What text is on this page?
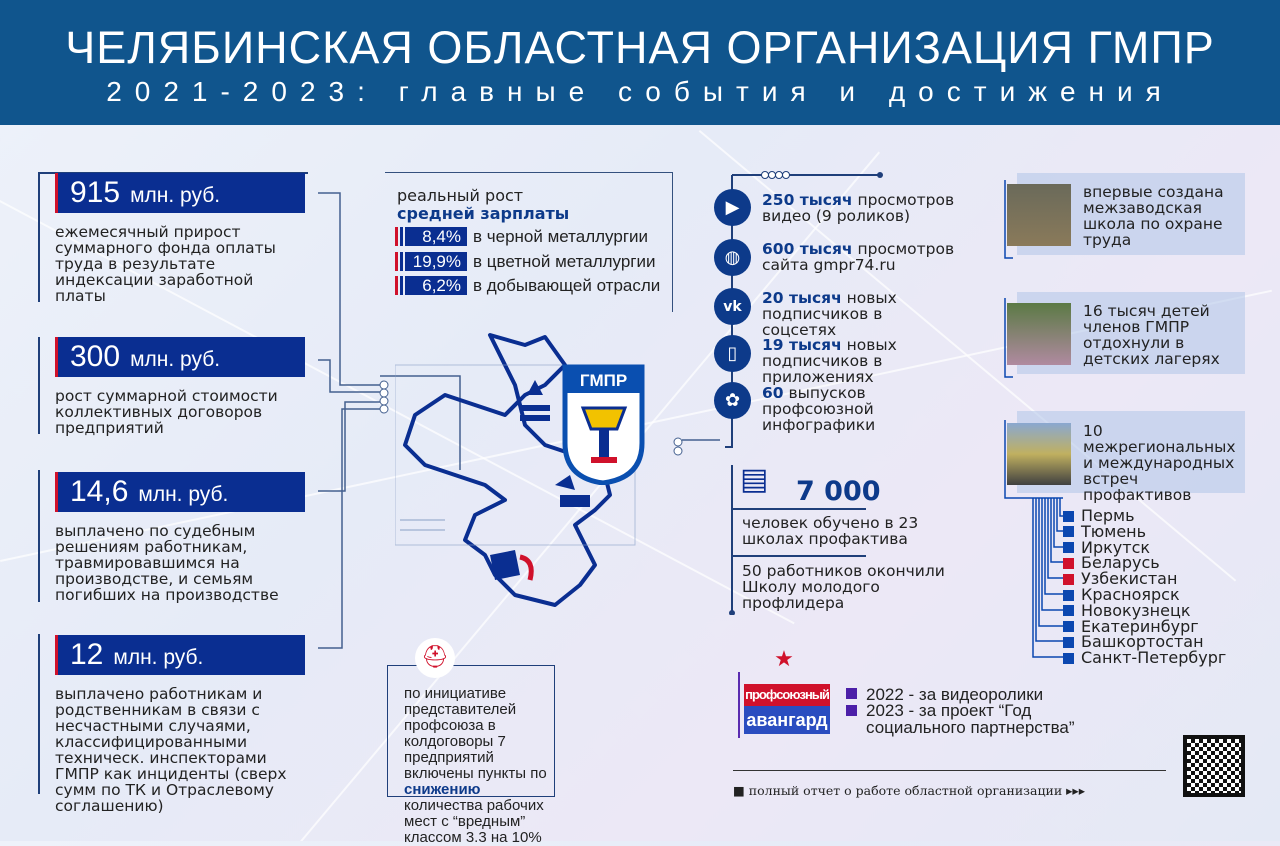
ЧЕЛЯБИНСКАЯ ОБЛАСТНАЯ ОРГАНИЗАЦИЯ ГМПР
2021-2023: главные события и достижения
915 млн. руб.
ежемесячный прирост суммарного фонда оплаты труда в результате индексации заработной платы
300 млн. руб.
рост суммарной стоимости коллективных договоров предприятий
14,6 млн. руб.
выплачено по судебным решениям работникам, травмировавшимся на производстве, и семьям погибших на производстве
12 млн. руб.
выплачено работникам и родственникам в связи с несчастными случаями, классифицированными техническ. инспекторами ГМПР как инциденты (сверх сумм по ТК и Отраслевому соглашению)
реальный рост
средней зарплаты
8,4% в черной металлургии
19,9% в цветной металлургии
6,2% в добывающей отрасли
ГМПР
▶	250 тысяч просмотров видео (9 роликов)
◍	600 тысяч просмотров сайта gmpr74.ru
vk	20 тысяч новых подписчиков в соцсетях
▯	19 тысяч новых подписчиков в приложениях
✿	60 выпусков профсоюзной инфографики
▤ 7 000
человек обучено в 23 школах профактива
50 работников окончили Школу молодого профлидера
впервые создана межзаводская школа по охране труда
16 тысяч детей членов ГМПР отдохнули в детских лагерях
10 межрегиональных и международных встреч профактивов
Пермь
Тюмень
Иркутск
Беларусь
Узбекистан
Красноярск
Новокузнецк
Екатеринбург
Башкортостан
Санкт-Петербург
⛑
по инициативе представителей профсоюза в колдоговоры 7 предприятий включены пункты по снижению количества рабочих мест с “вредным” классом 3.3 на 10%
★
профсоюзный
авангард
2022 - за видеоролики
2023 - за проект “Год социального партнерства”
■ полный отчет о работе областной организации ▸▸▸
